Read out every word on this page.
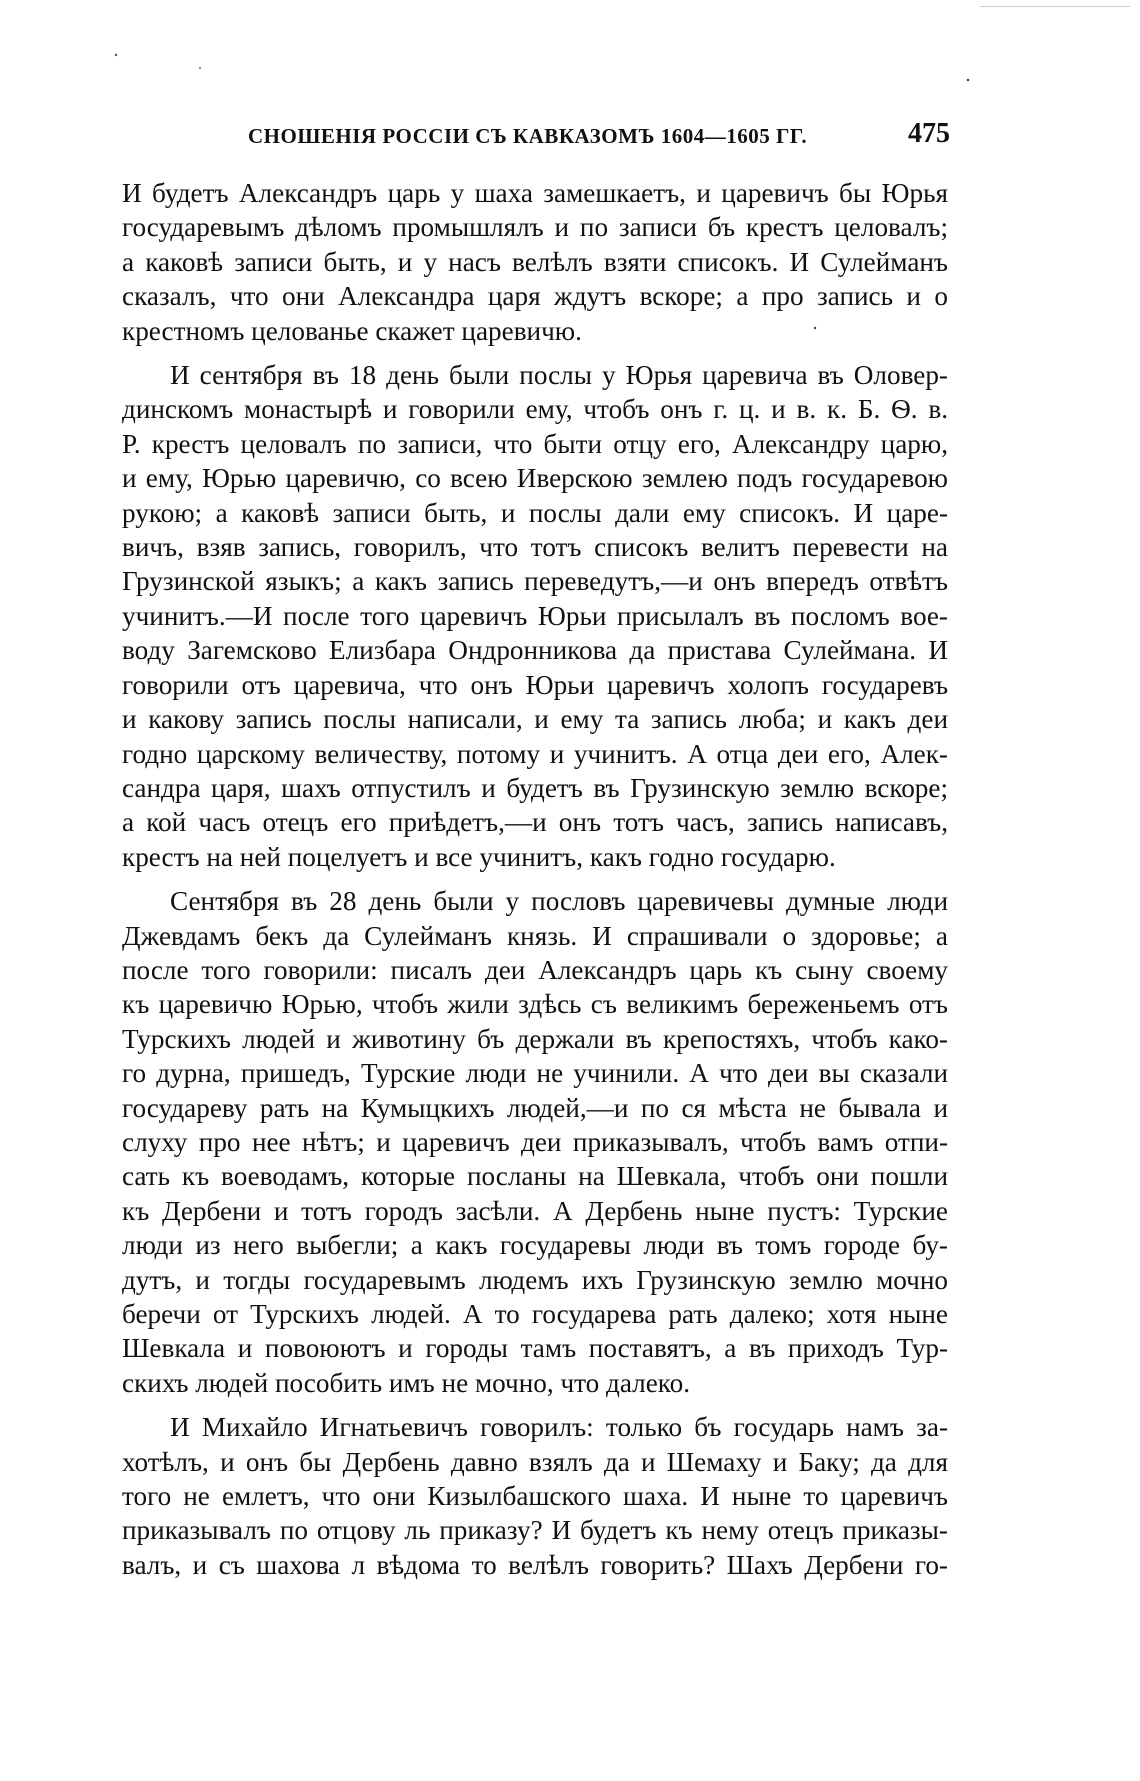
СНОШЕНІЯ РОССІИ СЪ КАВКАЗОМЪ 1604—1605 ГГ.	475

И будетъ Александръ царь у шаха замешкаетъ, и царевичъ бы Юрья
государевымъ дѣломъ промышлялъ и по записи бъ крестъ целовалъ;
а каковѣ записи быть, и у насъ велѣлъ взяти списокъ. И Сулейманъ
сказалъ, что они Александра царя ждутъ вскоре; а про запись и о
крестномъ целованье скажет царевичю.

И сентября въ 18 день были послы у Юрья царевича въ Оловер-
динскомъ монастырѣ и говорили ему, чтобъ онъ г. ц. и в. к. Б. Ѳ. в.
Р. крестъ целовалъ по записи, что быти отцу его, Александру царю,
и ему, Юрью царевичю, со всею Иверскою землею подъ государевою
рукою; а каковѣ записи быть, и послы дали ему списокъ. И царе-
вичъ, взяв запись, говорилъ, что тотъ списокъ велитъ перевести на
Грузинской языкъ; а какъ запись переведутъ,—и онъ впередъ отвѣтъ
учинитъ.—И после того царевичъ Юрьи присылалъ въ посломъ вое-
воду Загемсково Елизбара Ондронникова да пристава Сулеймана. И
говорили отъ царевича, что онъ Юрьи царевичъ холопъ государевъ
и какову запись послы написали, и ему та запись люба; и какъ деи
годно царскому величеству, потому и учинитъ. А отца деи его, Алек-
сандра царя, шахъ отпустилъ и будетъ въ Грузинскую землю вскоре;
а кой часъ отецъ его приѣдетъ,—и онъ тотъ часъ, запись написавъ,
крестъ на ней поцелуетъ и все учинитъ, какъ годно государю.

Сентября въ 28 день были у пословъ царевичевы думные люди
Джевдамъ бекъ да Сулейманъ князь. И спрашивали о здоровье; а
после того говорили: писалъ деи Александръ царь къ сыну своему
къ царевичю Юрью, чтобъ жили здѣсь съ великимъ береженьемъ отъ
Турскихъ людей и животину бъ держали въ крепостяхъ, чтобъ како-
го дурна, пришедъ, Турские люди не учинили. А что деи вы сказали
государеву рать на Кумыцкихъ людей,—и по ся мѣста не бывала и
слуху про нее нѣтъ; и царевичъ деи приказывалъ, чтобъ вамъ отпи-
сать къ воеводамъ, которые посланы на Шевкала, чтобъ они пошли
къ Дербени и тотъ городъ засѣли. А Дербень ныне пустъ: Турские
люди из него выбегли; а какъ государевы люди въ томъ городе бу-
дутъ, и тогды государевымъ людемъ ихъ Грузинскую землю мочно
беречи от Турскихъ людей. А то государева рать далеко; хотя ныне
Шевкала и повоюютъ и городы тамъ поставятъ, а въ приходъ Тур-
скихъ людей пособить имъ не мочно, что далеко.

И Михайло Игнатьевичъ говорилъ: только бъ государь намъ за-
хотѣлъ, и онъ бы Дербень давно взялъ да и Шемаху и Баку; да для
того не емлетъ, что они Кизылбашского шаха. И ныне то царевичъ
приказывалъ по отцову ль приказу? И будетъ къ нему отецъ приказы-
валъ, и съ шахова л вѣдома то велѣлъ говорить? Шахъ Дербени го-
